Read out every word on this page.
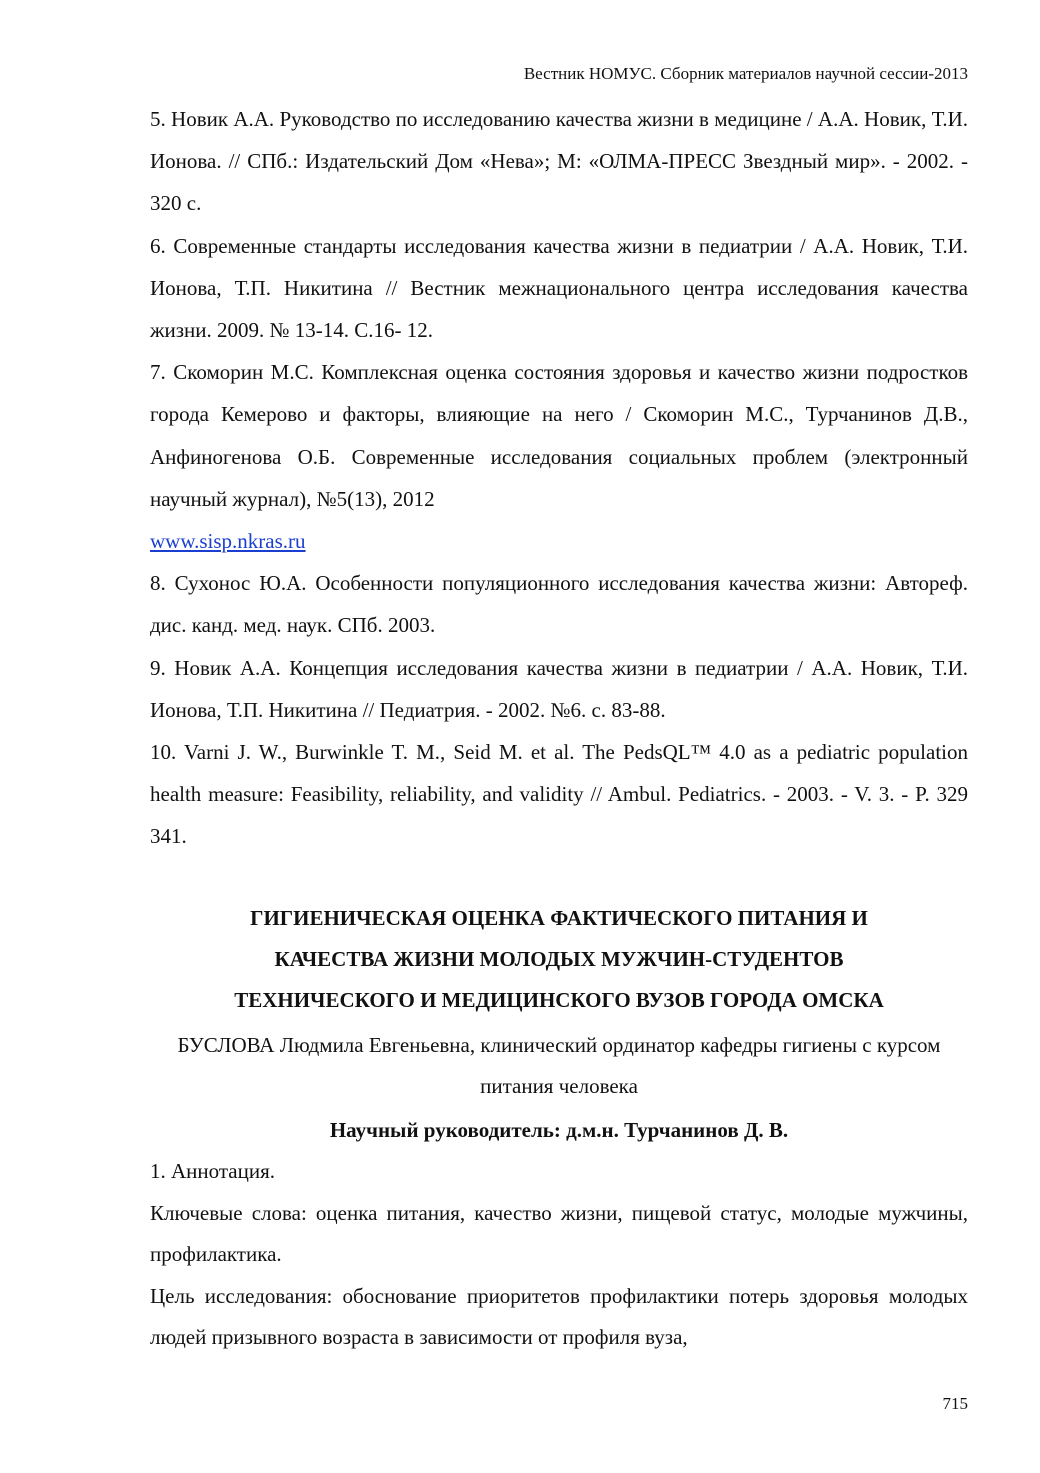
Вестник НОМУС. Сборник материалов научной сессии-2013

5. Новик А.А. Руководство по исследованию качества жизни в медицине / А.А. Новик, Т.И. Ионова. // СПб.: Издательский Дом «Нева»; М: «ОЛМА-ПРЕСС Звездный мир». - 2002. - 320 с.

6. Современные стандарты исследования качества жизни в педиатрии / А.А. Новик, Т.И. Ионова, Т.П. Никитина // Вестник межнационального центра исследования качества жизни. 2009. № 13-14. С.16- 12.

7. Скоморин М.С. Комплексная оценка состояния здоровья и качество жизни подростков города Кемерово и факторы, влияющие на него / Скоморин М.С., Турчанинов Д.В., Анфиногенова О.Б. Современные исследования социальных проблем (электронный научный журнал), №5(13), 2012
www.sisp.nkras.ru

8. Сухонос Ю.А. Особенности популяционного исследования качества жизни: Автореф. дис. канд. мед. наук. СПб. 2003.

9. Новик А.А. Концепция исследования качества жизни в педиатрии / А.А. Новик, Т.И. Ионова, Т.П. Никитина // Педиатрия. - 2002. №6. с. 83-88.

10. Varni J. W., Burwinkle T. M., Seid M. et al. The PedsQL™ 4.0 as a pediatric population health measure: Feasibility, reliability, and validity // Ambul. Pediatrics. - 2003. - V. 3. - P. 329 341.

ГИГИЕНИЧЕСКАЯ ОЦЕНКА ФАКТИЧЕСКОГО ПИТАНИЯ И
КАЧЕСТВА ЖИЗНИ МОЛОДЫХ МУЖЧИН-СТУДЕНТОВ
ТЕХНИЧЕСКОГО И МЕДИЦИНСКОГО ВУЗОВ ГОРОДА ОМСКА

БУСЛОВА Людмила Евгеньевна, клинический ординатор кафедры гигиены с курсом питания человека

Научный руководитель: д.м.н. Турчанинов Д. В.

1. Аннотация.

Ключевые слова: оценка питания, качество жизни, пищевой статус, молодые мужчины, профилактика.

Цель исследования: обоснование приоритетов профилактики потерь здоровья молодых людей призывного возраста в зависимости от профиля вуза,

715
